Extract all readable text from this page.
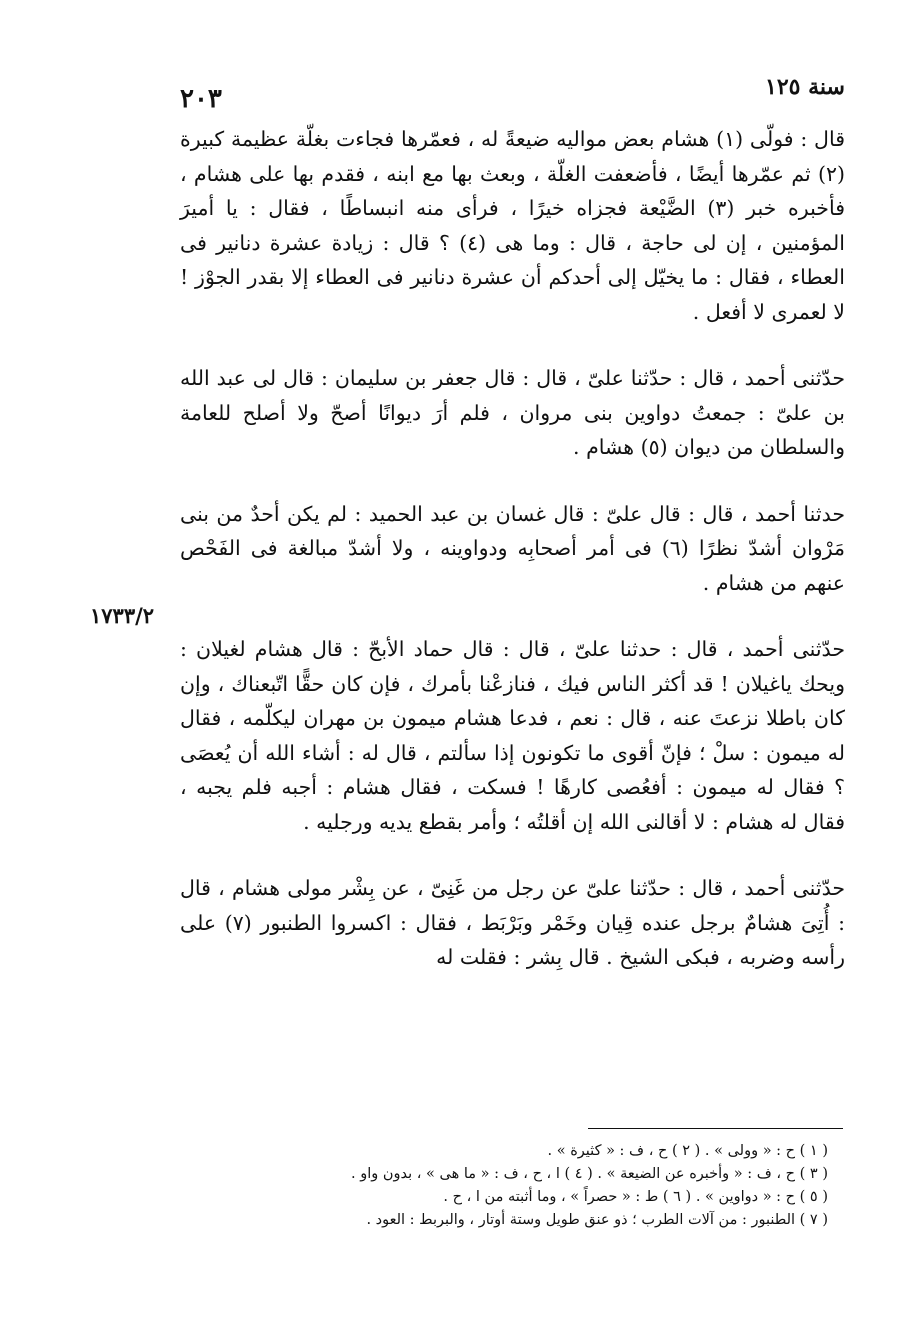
سنة ١٢٥
٢٠٣

قال : فولّى (١) هشام بعض مواليه ضيعةً له ، فعمّرها فجاءت بغلّة عظيمة كبيرة (٢) ثم عمّرها أيضًا ، فأضعفت الغلّة ، وبعث بها مع ابنه ، فقدم بها على هشام ، فأخبره خبر (٣) الضَّيْعة فجزاه خيرًا ، فرأى منه انبساطًا ، فقال : يا أميرَ المؤمنين ، إن لى حاجة ، قال : وما هى (٤) ؟ قال : زيادة عشرة دنانير فى العطاء ، فقال : ما يخيّل إلى أحدكم أن عشرة دنانير فى العطاء إلا بقدر الجوْز ! لا لعمرى لا أفعل .

حدّثنى أحمد ، قال : حدّثنا علىّ ، قال : قال جعفر بن سليمان : قال لى عبد الله بن علىّ : جمعتُ دواوين بنى مروان ، فلم أرَ ديوانًا أصحّ ولا أصلح للعامة والسلطان من ديوان (٥) هشام .

حدثنا أحمد ، قال : قال علىّ : قال غسان بن عبد الحميد : لم يكن أحدٌ من بنى مَرْوان أشدّ نظرًا (٦) فى أمر أصحابِه ودواوينه ، ولا أشدّ مبالغة فى الفَحْص عنهم من هشام .

حدّثنى أحمد ، قال : حدثنا علىّ ، قال : قال حماد الأبحّ : قال هشام لغيلان : ويحك ياغيلان ! قد أكثر الناس فيك ، فنازعْنا بأمرك ، فإن كان حقًّا اتّبعناك ، وإن كان باطلا نزعتَ عنه ، قال : نعم ، فدعا هشام ميمون بن مهران ليكلّمه ، فقال له ميمون : سلْ ؛ فإنّ أقوى ما تكونون إذا سألتم ، قال له : أشاء الله أن يُعصَى ؟ فقال له ميمون : أفعُصى كارهًا ! فسكت ، فقال هشام : أجبه فلم يجبه ، فقال له هشام : لا أقالنى الله إن أقلتُه ؛ وأمر بقطع يديه ورجليه .

حدّثنى أحمد ، قال : حدّثنا علىّ عن رجل من غَنِىّ ، عن بِشْر مولى هشام ، قال : أُتِىَ هشامٌ برجل عنده قِيان وخَمْر وبَرْبَط ، فقال : اكسروا الطنبور (٧) على رأسه وضربه ، فبكى الشيخ . قال بِشر : فقلت له

١٧٣٣/٢
( ١ ) ح : « وولى » . ( ٢ ) ح ، ف : « كثيرة » .
( ٣ ) ح ، ف : « وأخبره عن الضيعة » . ( ٤ ) ا ، ح ، ف : « ما هى » ، بدون واو .
( ٥ ) ح : « دواوين » . ( ٦ ) ط : « حصراً » ، وما أثبته من ا ، ح .
( ٧ ) الطنبور : من آلات الطرب ؛ ذو عنق طويل وستة أوتار ، والبربط : العود .
